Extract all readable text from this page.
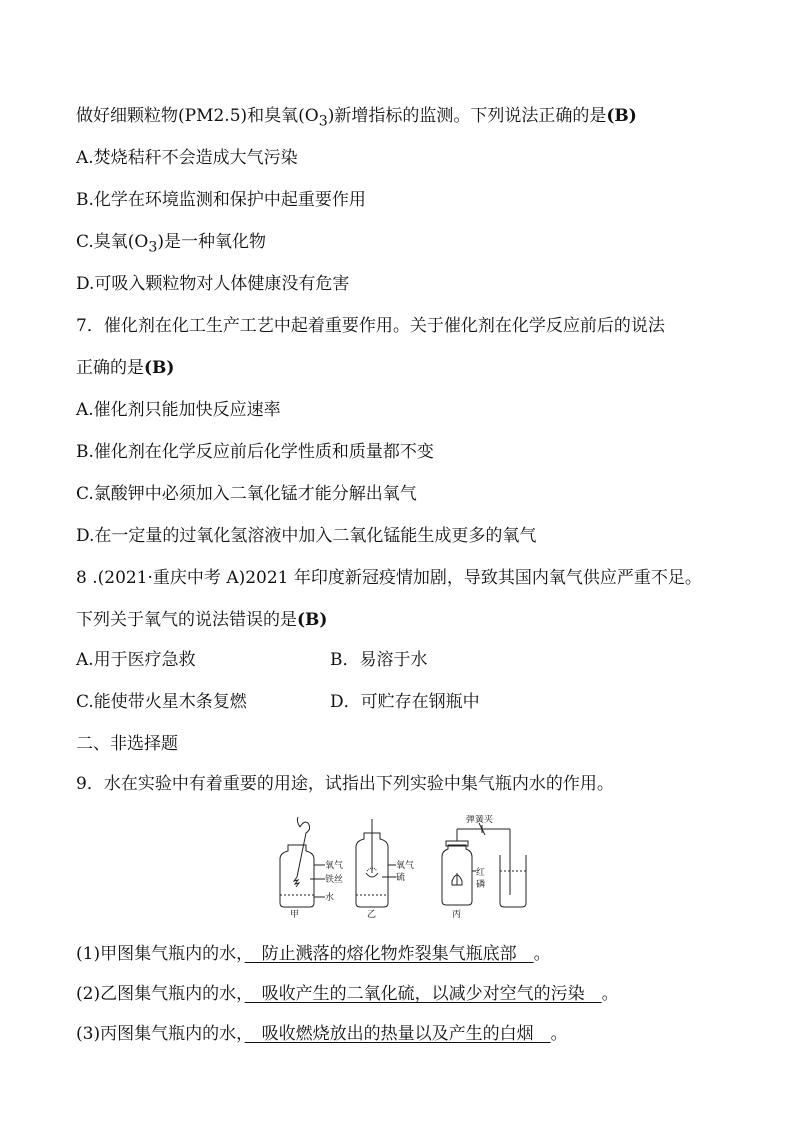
做好细颗粒物(PM2.5)和臭氧$(O_3)$新增指标的监测。下列说法正确的是(B)
A.焚烧秸秆不会造成大气污染
B.化学在环境监测和保护中起重要作用
C.臭氧$(O_3)$是一种氧化物
D.可吸入颗粒物对人体健康没有危害
7．催化剂在化工生产工艺中起着重要作用。关于催化剂在化学反应前后的说法
正确的是(B)
A.催化剂只能加快反应速率
B.催化剂在化学反应前后化学性质和质量都不变
C.氯酸钾中必须加入二氧化锰才能分解出氧气
D.在一定量的过氧化氢溶液中加入二氧化锰能生成更多的氧气
8 .(2021·重庆中考 A)2021 年印度新冠疫情加剧，导致其国内氧气供应严重不足。
下列关于氧气的说法错误的是(B)
A.用于医疗急救	B．易溶于水
C.能使带火星木条复燃	D．可贮存在钢瓶中
二、非选择题
9．水在实验中有着重要的用途，试指出下列实验中集气瓶内水的作用。
氧气
铁丝
水
甲
氧气
硫
乙
弹簧夹
红
磷
丙
(1)甲图集气瓶内的水，　防止溅落的熔化物炸裂集气瓶底部　。
(2)乙图集气瓶内的水，　吸收产生的二氧化硫，以减少对空气的污染　。
(3)丙图集气瓶内的水，　吸收燃烧放出的热量以及产生的白烟　。
